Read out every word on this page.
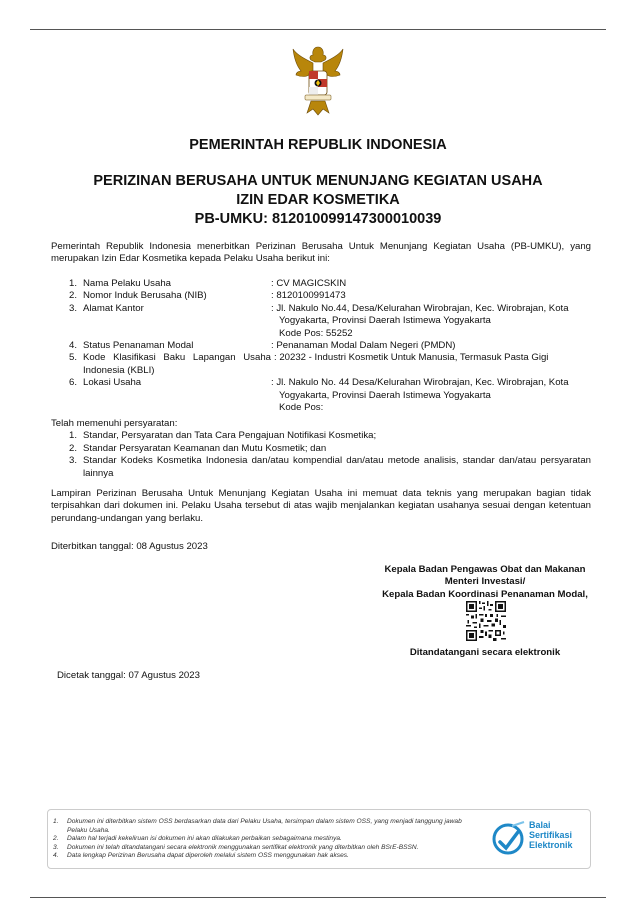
PEMERINTAH REPUBLIK INDONESIA
PERIZINAN BERUSAHA UNTUK MENUNJANG KEGIATAN USAHA
IZIN EDAR KOSMETIKA
PB-UMKU: 812010099147300010039
Pemerintah Republik Indonesia menerbitkan Perizinan Berusaha Untuk Menunjang Kegiatan Usaha (PB-UMKU), yang merupakan Izin Edar Kosmetika kepada Pelaku Usaha berikut ini:
1. Nama Pelaku Usaha	: CV MAGICSKIN
2. Nomor Induk Berusaha (NIB)	: 8120100991473
3. Alamat Kantor	: Jl. Nakulo No.44, Desa/Kelurahan Wirobrajan, Kec. Wirobrajan, Kota
Yogyakarta, Provinsi Daerah Istimewa Yogyakarta
Kode Pos: 55252
4. Status Penanaman Modal	: Penanaman Modal Dalam Negeri (PMDN)
5. Kode Klasifikasi Baku Lapangan Usaha : 20232 - Industri Kosmetik Untuk Manusia, Termasuk Pasta Gigi
Indonesia (KBLI)
6. Lokasi Usaha	: Jl. Nakulo No. 44 Desa/Kelurahan Wirobrajan, Kec. Wirobrajan, Kota
Yogyakarta, Provinsi Daerah Istimewa Yogyakarta
Kode Pos:
Telah memenuhi persyaratan:
1. Standar, Persyaratan dan Tata Cara Pengajuan Notifikasi Kosmetika;
2. Standar Persyaratan Keamanan dan Mutu Kosmetik; dan
3. Standar Kodeks Kosmetika Indonesia dan/atau kompendial dan/atau metode analisis, standar dan/atau persyaratan lainnya
Lampiran Perizinan Berusaha Untuk Menunjang Kegiatan Usaha ini memuat data teknis yang merupakan bagian tidak terpisahkan dari dokumen ini. Pelaku Usaha tersebut di atas wajib menjalankan kegiatan usahanya sesuai dengan ketentuan perundang-undangan yang berlaku.
Diterbitkan tanggal: 08 Agustus 2023
Kepala Badan Pengawas Obat dan Makanan
Menteri Investasi/
Kepala Badan Koordinasi Penanaman Modal,
Ditandatangani secara elektronik
Dicetak tanggal: 07 Agustus 2023
1.	Dokumen ini diterbitkan sistem OSS berdasarkan data dari Pelaku Usaha, tersimpan dalam sistem OSS, yang menjadi tanggung jawab
Pelaku Usaha.
2.	Dalam hal terjadi kekeliruan isi dokumen ini akan dilakukan perbaikan sebagaimana mestinya.
3.	Dokumen ini telah ditandatangani secara elektronik menggunakan sertifikat elektronik yang diterbitkan oleh BSrE-BSSN.
4.	Data lengkap Perizinan Berusaha dapat diperoleh melalui sistem OSS menggunakan hak akses.
Balai
Sertifikasi
Elektronik
